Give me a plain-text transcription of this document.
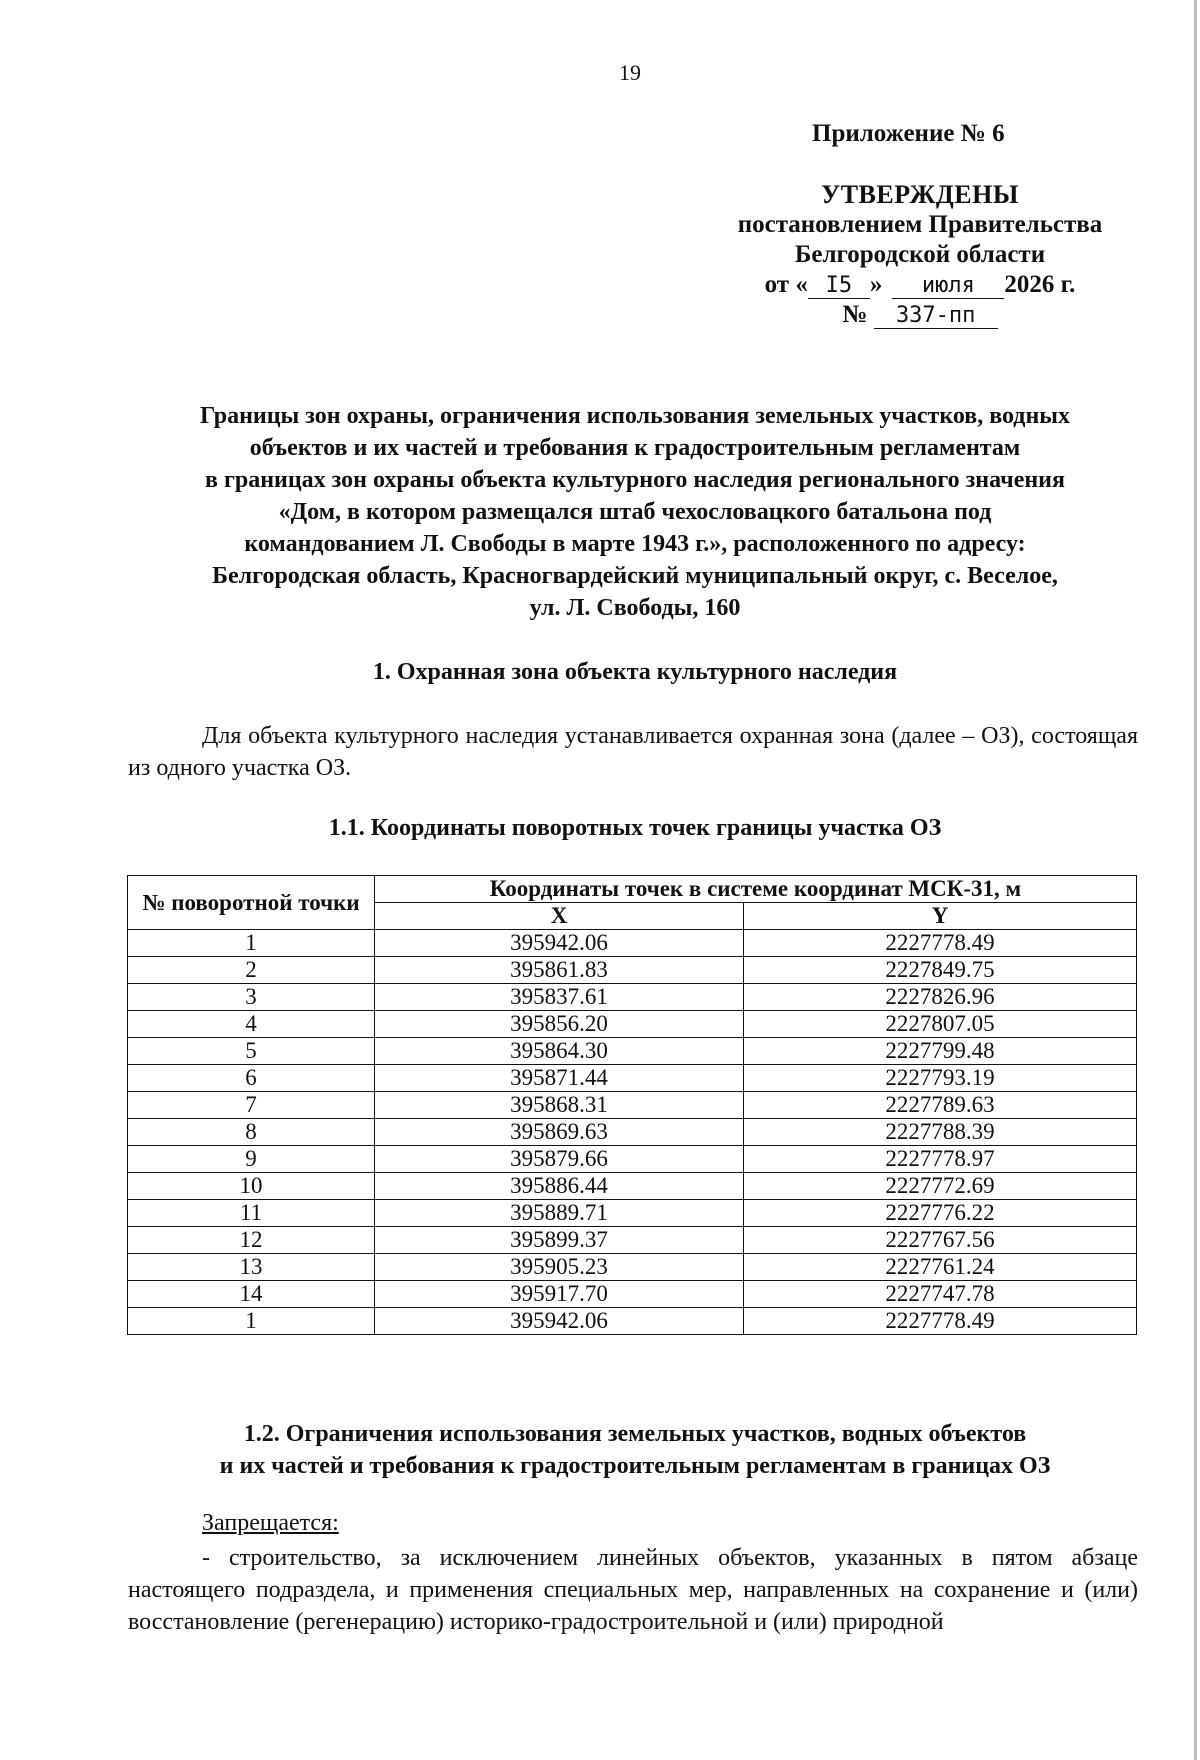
19
Приложение № 6
УТВЕРЖДЕНЫ
постановлением Правительства
Белгородской области
от « I5 » июля 2026 г.
№ 337-пп
Границы зон охраны, ограничения использования земельных участков, водных
объектов и их частей и требования к градостроительным регламентам
в границах зон охраны объекта культурного наследия регионального значения
«Дом, в котором размещался штаб чехословацкого батальона под
командованием Л. Свободы в марте 1943 г.», расположенного по адресу:
Белгородская область, Красногвардейский муниципальный округ, с. Веселое,
ул. Л. Свободы, 160
1. Охранная зона объекта культурного наследия
Для объекта культурного наследия устанавливается охранная зона (далее – ОЗ), состоящая из одного участка ОЗ.
1.1. Координаты поворотных точек границы участка ОЗ
№ поворотной точки	Координаты точек в системе координат МСК-31, м	
	X	Y
1	395942.06	2227778.49
2	395861.83	2227849.75
3	395837.61	2227826.96
4	395856.20	2227807.05
5	395864.30	2227799.48
6	395871.44	2227793.19
7	395868.31	2227789.63
8	395869.63	2227788.39
9	395879.66	2227778.97
10	395886.44	2227772.69
11	395889.71	2227776.22
12	395899.37	2227767.56
13	395905.23	2227761.24
14	395917.70	2227747.78
1	395942.06	2227778.49
1.2. Ограничения использования земельных участков, водных объектов
и их частей и требования к градостроительным регламентам в границах ОЗ
Запрещается:
- строительство, за исключением линейных объектов, указанных в пятом абзаце настоящего подраздела, и применения специальных мер, направленных на сохранение и (или) восстановление (регенерацию) историко-градостроительной и (или) природной
